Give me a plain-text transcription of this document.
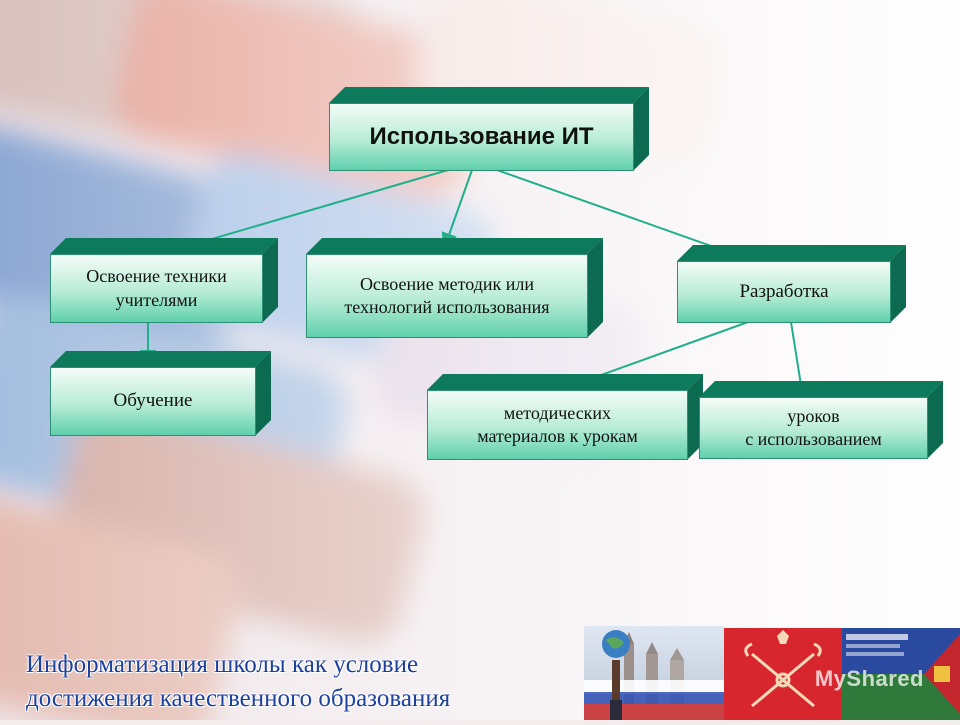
Использование ИТ
Освоение техники
учителями
Освоение методик или
технологий использования
Разработка
Обучение
методических
материалов к урокам
уроков
с использованием
Информатизация школы как условие
достижения качественного образования
MyShared
